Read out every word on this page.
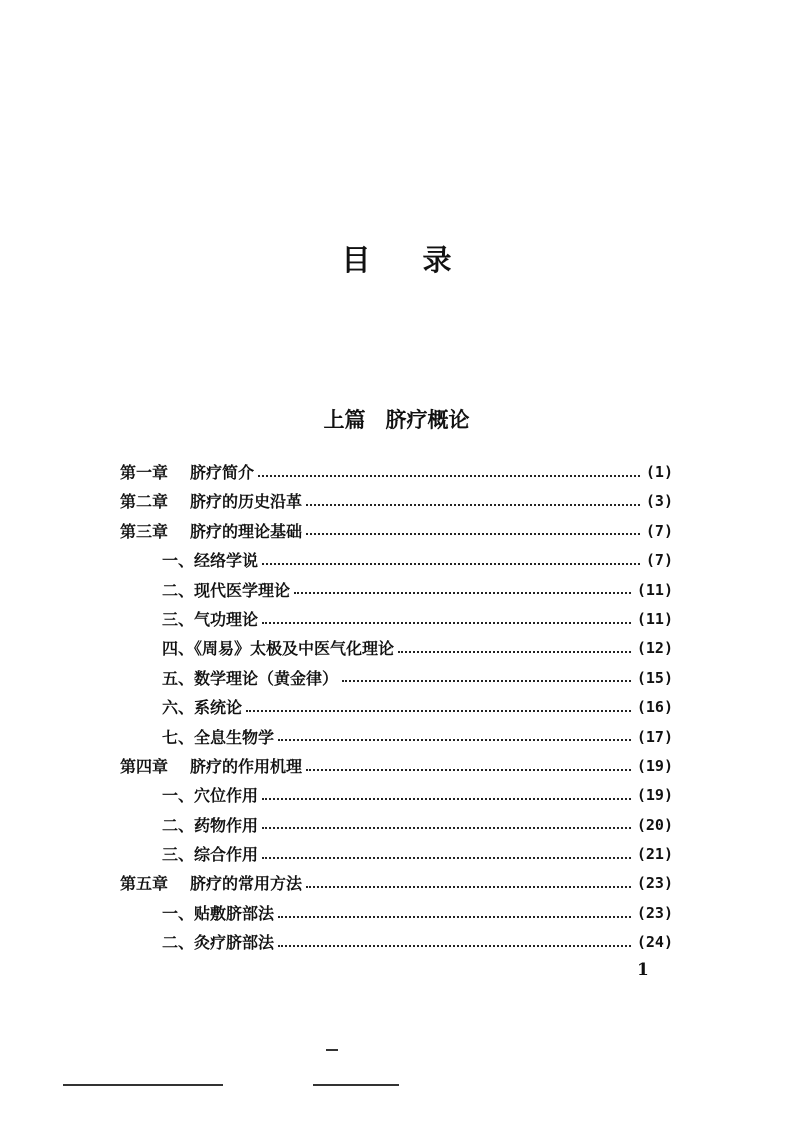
目 录
上篇 脐疗概论
第一章	脐疗简介	(1)
第二章	脐疗的历史沿革	(3)
第三章	脐疗的理论基础	(7)
一、经络学说	(7)
二、现代医学理论	(11)
三、气功理论	(11)
四、《周易》太极及中医气化理论	(12)
五、数学理论（黄金律）	(15)
六、系统论	(16)
七、全息生物学	(17)
第四章	脐疗的作用机理	(19)
一、穴位作用	(19)
二、药物作用	(20)
三、综合作用	(21)
第五章	脐疗的常用方法	(23)
一、贴敷脐部法	(23)
二、灸疗脐部法	(24)
1
